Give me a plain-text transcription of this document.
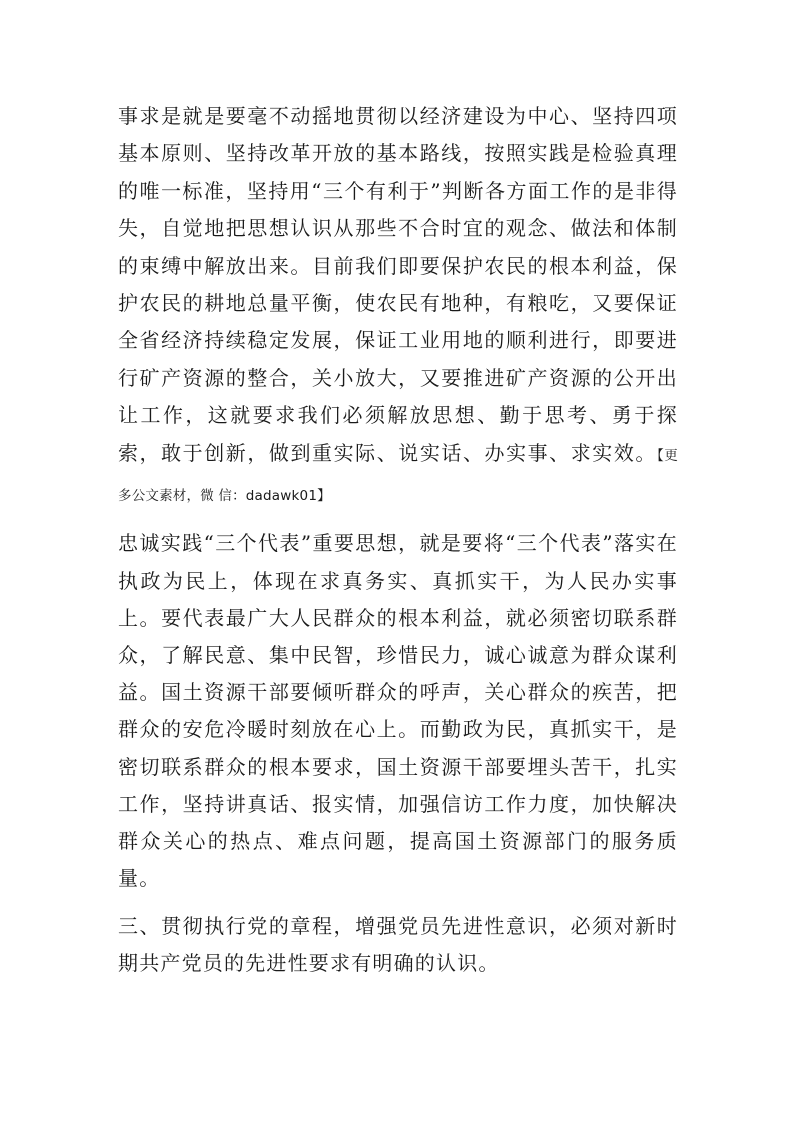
事求是就是要毫不动摇地贯彻以经济建设为中心、坚持四项基本原则、坚持改革开放的基本路线，按照实践是检验真理的唯一标准，坚持用“三个有利于”判断各方面工作的是非得失，自觉地把思想认识从那些不合时宜的观念、做法和体制的束缚中解放出来。目前我们即要保护农民的根本利益，保护农民的耕地总量平衡，使农民有地种，有粮吃，又要保证全省经济持续稳定发展，保证工业用地的顺利进行，即要进行矿产资源的整合，关小放大，又要推进矿产资源的公开出让工作，这就要求我们必须解放思想、勤于思考、勇于探索，敢于创新，做到重实际、说实话、办实事、求实效。【更多公文素材，微 信：dadawk01】

忠诚实践“三个代表”重要思想，就是要将“三个代表”落实在执政为民上，体现在求真务实、真抓实干，为人民办实事上。要代表最广大人民群众的根本利益，就必须密切联系群众，了解民意、集中民智，珍惜民力，诚心诚意为群众谋利益。国土资源干部要倾听群众的呼声，关心群众的疾苦，把群众的安危冷暖时刻放在心上。而勤政为民，真抓实干，是密切联系群众的根本要求，国土资源干部要埋头苦干，扎实工作，坚持讲真话、报实情，加强信访工作力度，加快解决群众关心的热点、难点问题，提高国土资源部门的服务质量。

三、贯彻执行党的章程，增强党员先进性意识，必须对新时期共产党员的先进性要求有明确的认识。
